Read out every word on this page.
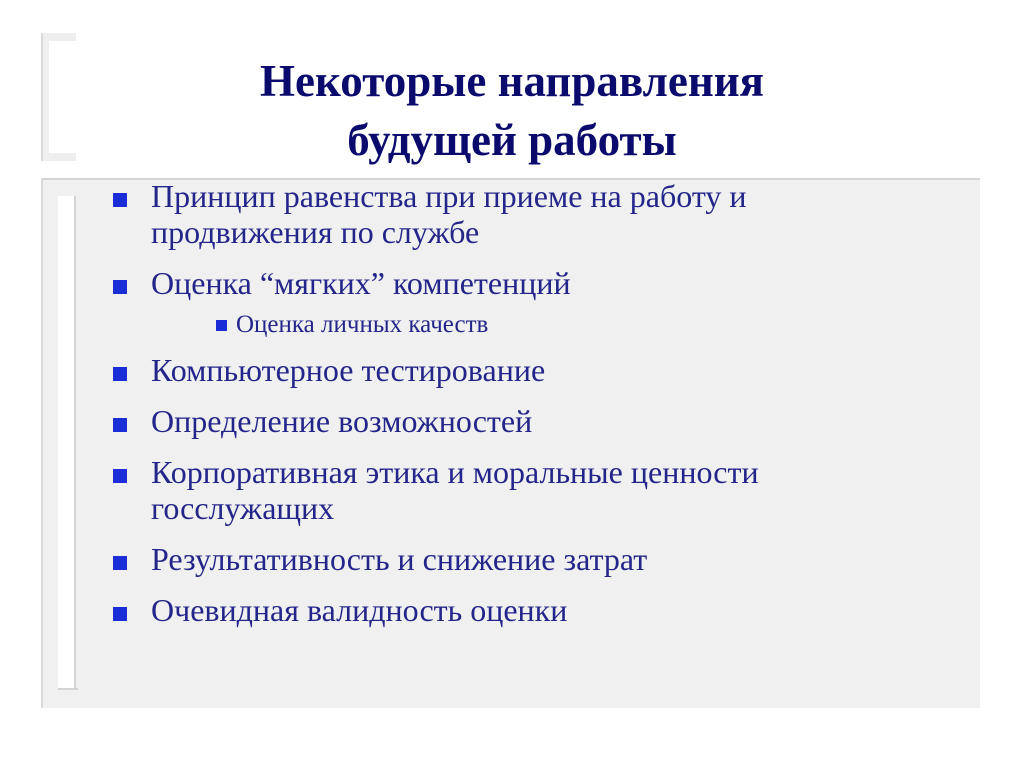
Некоторые направления
будущей работы
Принцип равенства при приеме на работу и
продвижения по службе
Оценка “мягких” компетенций
Оценка личных качеств
Компьютерное тестирование
Определение возможностей
Корпоративная этика и моральные ценности
госслужащих
Результативность и снижение затрат
Очевидная валидность оценки
